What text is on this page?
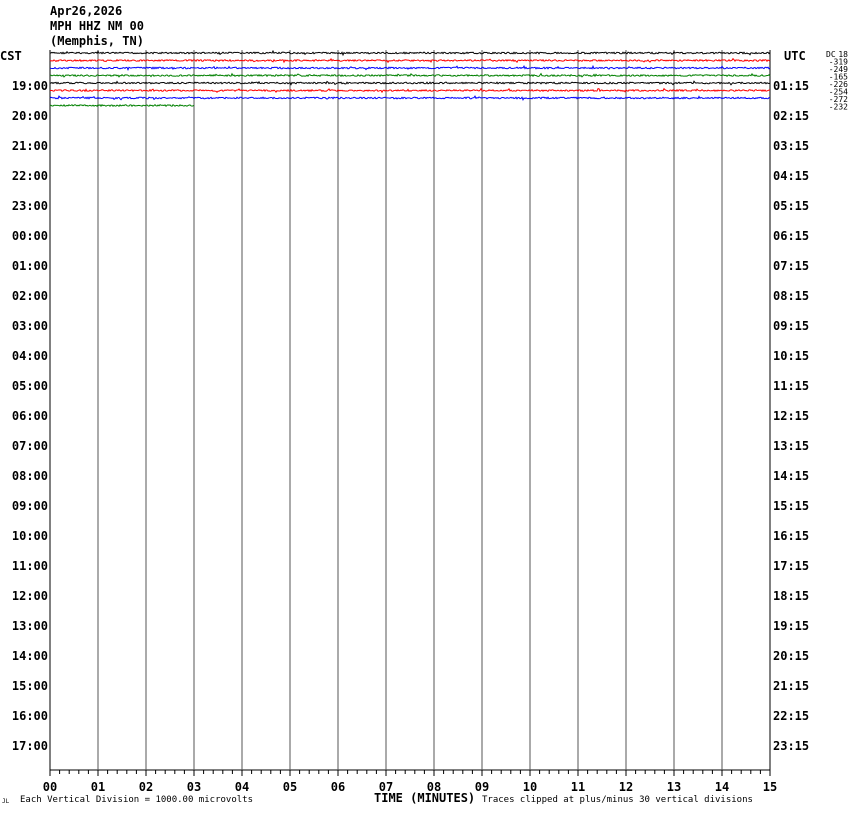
Apr26,2026
MPH HHZ NM 00
(Memphis, TN)
CST	UTC
00	01	02	03	04	05	06	07	08	09	10	11	12	13	14	15
19:00
20:00
21:00
22:00
23:00
00:00
01:00
02:00
03:00
04:00
05:00
06:00
07:00
08:00
09:00
10:00
11:00
12:00
13:00
14:00
15:00
16:00
17:00
01:15
02:15
03:15
04:15
05:15
06:15
07:15
08:15
09:15
10:15
11:15
12:15
13:15
14:15
15:15
16:15
17:15
18:15
19:15
20:15
21:15
22:15
23:15
DC 18
-319
-249
-165
-226
-254
-272
-232
JL Each Vertical Division = 1000.00 microvolts	TIME (MINUTES) Traces clipped at plus/minus 30 vertical divisions
